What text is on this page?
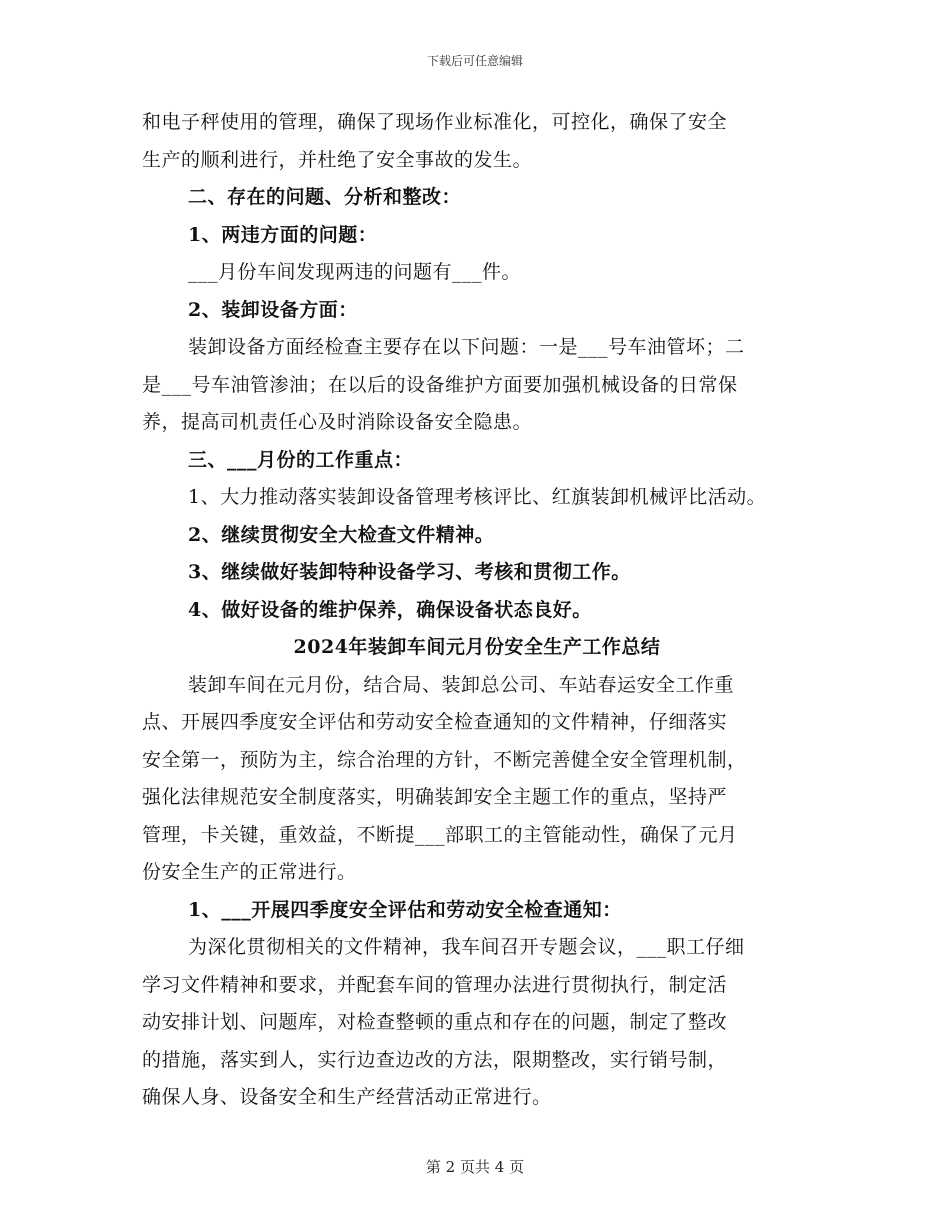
下载后可任意编辑
和电子秤使用的管理，确保了现场作业标准化，可控化，确保了安全
生产的顺利进行，并杜绝了安全事故的发生。
二、存在的问题、分析和整改：
1、两违方面的问题：
___月份车间发现两违的问题有___件。
2、装卸设备方面：
装卸设备方面经检查主要存在以下问题：一是___号车油管坏；二
是___号车油管渗油；在以后的设备维护方面要加强机械设备的日常保
养，提高司机责任心及时消除设备安全隐患。
三、___月份的工作重点：
1、大力推动落实装卸设备管理考核评比、红旗装卸机械评比活动。
2、继续贯彻安全大检查文件精神。
3、继续做好装卸特种设备学习、考核和贯彻工作。
4、做好设备的维护保养，确保设备状态良好。
2024年装卸车间元月份安全生产工作总结
装卸车间在元月份，结合局、装卸总公司、车站春运安全工作重
点、开展四季度安全评估和劳动安全检查通知的文件精神，仔细落实
安全第一，预防为主，综合治理的方针，不断完善健全安全管理机制，
强化法律规范安全制度落实，明确装卸安全主题工作的重点，坚持严
管理，卡关键，重效益，不断提___部职工的主管能动性，确保了元月
份安全生产的正常进行。
1、___开展四季度安全评估和劳动安全检查通知：
为深化贯彻相关的文件精神，我车间召开专题会议，___职工仔细
学习文件精神和要求，并配套车间的管理办法进行贯彻执行，制定活
动安排计划、问题库，对检查整顿的重点和存在的问题，制定了整改
的措施，落实到人，实行边查边改的方法，限期整改，实行销号制，
确保人身、设备安全和生产经营活动正常进行。
第 2 页共 4 页
